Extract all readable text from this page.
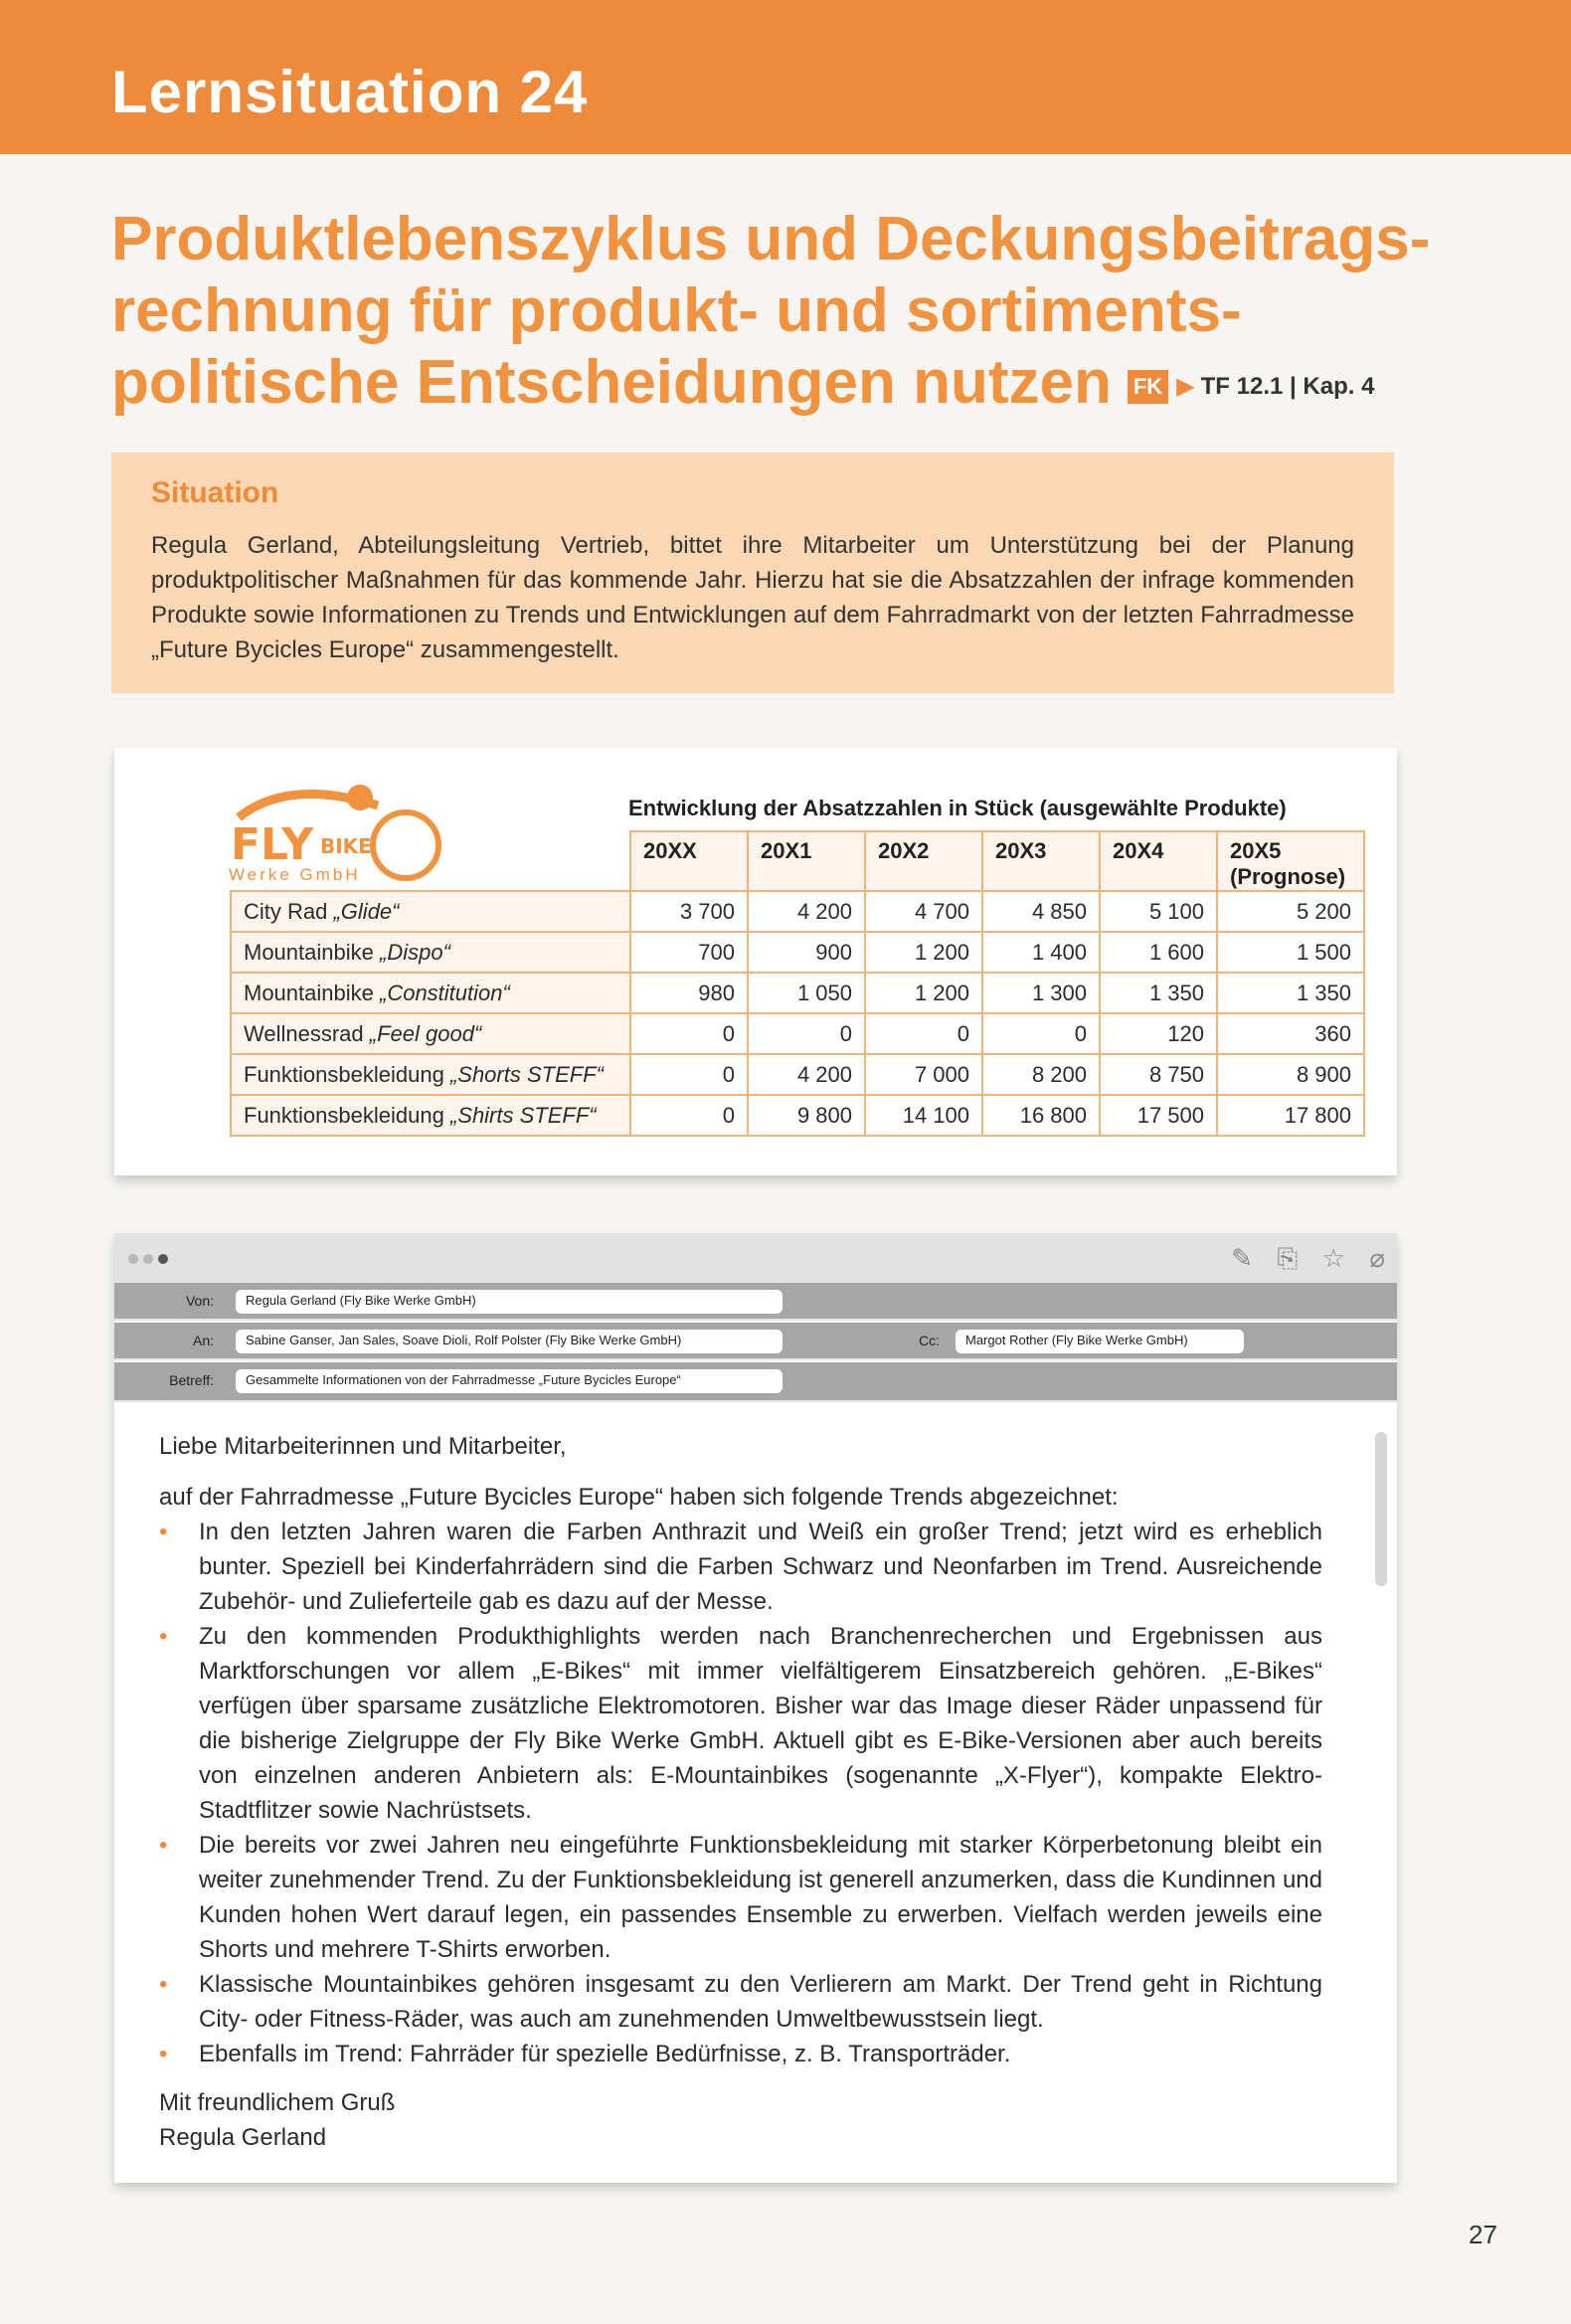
Lernsituation 24
Produktlebenszyklus und Deckungsbeitrags-
rechnung für produkt- und sortiments-
politische Entscheidungen nutzen FK ▶ TF 12.1 | Kap. 4
Situation
Regula Gerland, Abteilungsleitung Vertrieb, bittet ihre Mitarbeiter um Unterstützung bei der Planung produktpolitischer Maßnahmen für das kommende Jahr. Hierzu hat sie die Absatzzahlen der infrage kommenden Produkte sowie Informationen zu Trends und Entwicklungen auf dem Fahrradmarkt von der letzten Fahrradmesse „Future Bycicles Europe“ zusammengestellt.
FLY BIKE
Werke GmbH
Entwicklung der Absatzzahlen in Stück (ausgewählte Produkte)
	20XX	20X1	20X2	20X3	20X4	20X5
(Prognose)
City Rad „Glide“	3 700	4 200	4 700	4 850	5 100	5 200
Mountainbike „Dispo“	700	900	1 200	1 400	1 600	1 500
Mountainbike „Constitution“	980	1 050	1 200	1 300	1 350	1 350
Wellnessrad „Feel good“	0	0	0	0	120	360
Funktionsbekleidung „Shorts STEFF“	0	4 200	7 000	8 200	8 750	8 900
Funktionsbekleidung „Shirts STEFF“	0	9 800	14 100	16 800	17 500	17 800
✎ ⎘ ☆ ⌀
Von:	Regula Gerland (Fly Bike Werke GmbH)
An:	Sabine Ganser, Jan Sales, Soave Dioli, Rolf Polster (Fly Bike Werke GmbH)	Cc:	Margot Rother (Fly Bike Werke GmbH)
Betreff:	Gesammelte Informationen von der Fahrradmesse „Future Bycicles Europe“

Liebe Mitarbeiterinnen und Mitarbeiter,

auf der Fahrradmesse „Future Bycicles Europe“ haben sich folgende Trends abgezeichnet:
• In den letzten Jahren waren die Farben Anthrazit und Weiß ein großer Trend; jetzt wird es erheblich bunter. Speziell bei Kinderfahrrädern sind die Farben Schwarz und Neonfarben im Trend. Ausreichende Zubehör- und Zulieferteile gab es dazu auf der Messe.
• Zu den kommenden Produkthighlights werden nach Branchenrecherchen und Ergebnissen aus Marktforschungen vor allem „E-Bikes“ mit immer vielfältigerem Einsatzbereich gehören. „E-Bikes“ verfügen über sparsame zusätzliche Elektromotoren. Bisher war das Image dieser Räder unpassend für die bisherige Zielgruppe der Fly Bike Werke GmbH. Aktuell gibt es E-Bike-Versionen aber auch bereits von einzelnen anderen Anbietern als: E-Mountainbikes (sogenannte „X-Flyer“), kompakte Elektro-Stadtflitzer sowie Nachrüstsets.
• Die bereits vor zwei Jahren neu eingeführte Funktionsbekleidung mit starker Körperbetonung bleibt ein weiter zunehmender Trend. Zu der Funktionsbekleidung ist generell anzumerken, dass die Kundinnen und Kunden hohen Wert darauf legen, ein passendes Ensemble zu erwerben. Vielfach werden jeweils eine Shorts und mehrere T-Shirts erworben.
• Klassische Mountainbikes gehören insgesamt zu den Verlierern am Markt. Der Trend geht in Richtung City- oder Fitness-Räder, was auch am zunehmenden Umweltbewusstsein liegt.
• Ebenfalls im Trend: Fahrräder für spezielle Bedürfnisse, z. B. Transporträder.
Mit freundlichem Gruß
Regula Gerland
27
